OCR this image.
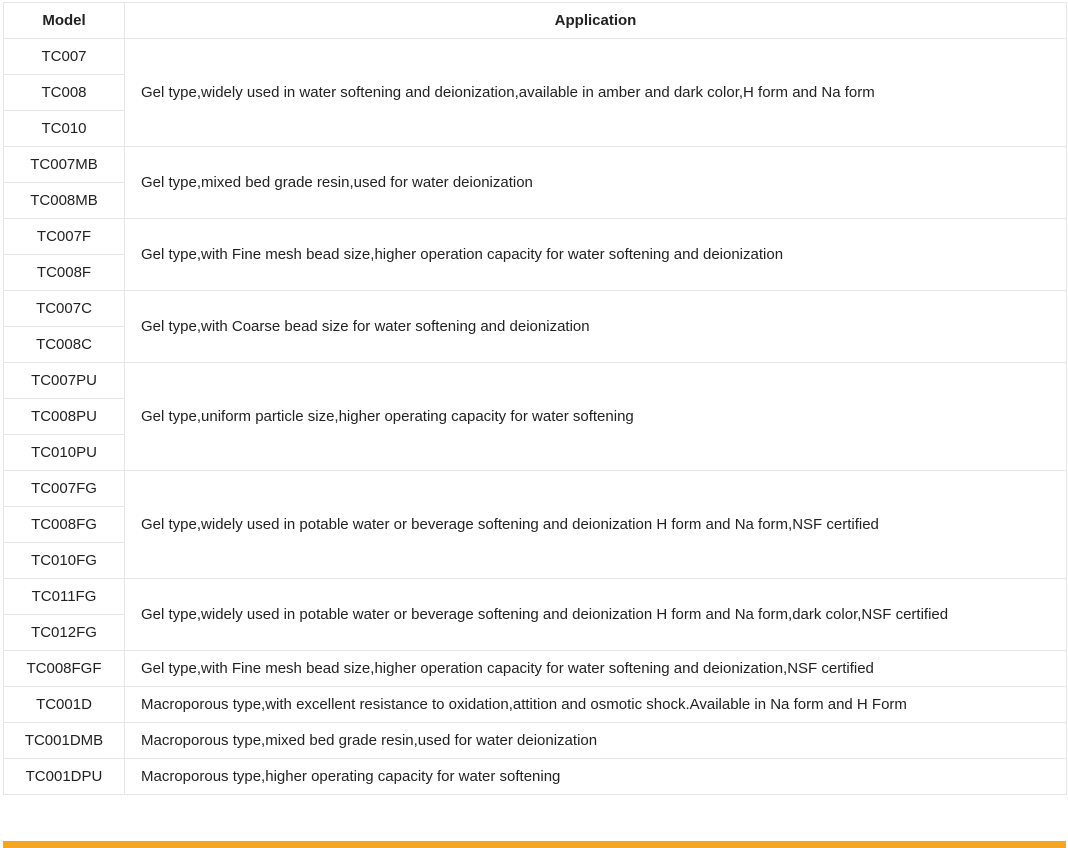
Model	Application
TC007	Gel type,widely used in water softening and deionization,available in amber and dark color,H form and Na form
TC008	
TC010	
TC007MB	Gel type,mixed bed grade resin,used for water deionization
TC008MB	
TC007F	Gel type,with Fine mesh bead size,higher operation capacity for water softening and deionization
TC008F	
TC007C	Gel type,with Coarse bead size for water softening and deionization
TC008C	
TC007PU	Gel type,uniform particle size,higher operating capacity for water softening
TC008PU	
TC010PU	
TC007FG	Gel type,widely used in potable water or beverage softening and deionization H form and Na form,NSF certified
TC008FG	
TC010FG	
TC011FG	Gel type,widely used in potable water or beverage softening and deionization H form and Na form,dark color,NSF certified
TC012FG	
TC008FGF	Gel type,with Fine mesh bead size,higher operation capacity for water softening and deionization,NSF certified
TC001D	Macroporous type,with excellent resistance to oxidation,attition and osmotic shock.Available in Na form and H Form
TC001DMB	Macroporous type,mixed bed grade resin,used for water deionization
TC001DPU	Macroporous type,higher operating capacity for water softening
